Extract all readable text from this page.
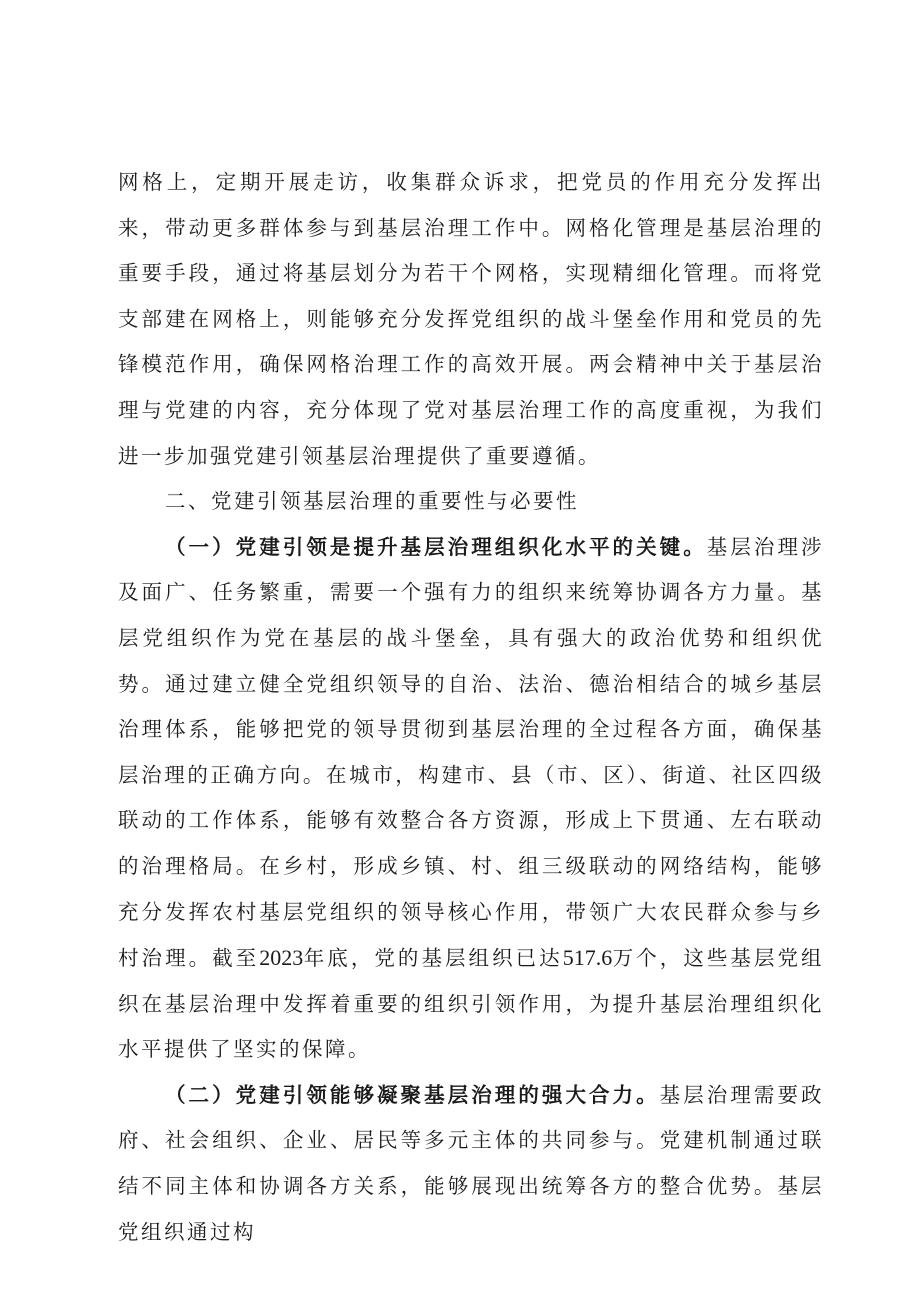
网格上，定期开展走访，收集群众诉求，把党员的作用充分发挥出来，带动更多群体参与到基层治理工作中。网格化管理是基层治理的重要手段，通过将基层划分为若干个网格，实现精细化管理。而将党支部建在网格上，则能够充分发挥党组织的战斗堡垒作用和党员的先锋模范作用，确保网格治理工作的高效开展。两会精神中关于基层治理与党建的内容，充分体现了党对基层治理工作的高度重视，为我们进一步加强党建引领基层治理提供了重要遵循。

二、党建引领基层治理的重要性与必要性

（一）党建引领是提升基层治理组织化水平的关键。基层治理涉及面广、任务繁重，需要一个强有力的组织来统筹协调各方力量。基层党组织作为党在基层的战斗堡垒，具有强大的政治优势和组织优势。通过建立健全党组织领导的自治、法治、德治相结合的城乡基层治理体系，能够把党的领导贯彻到基层治理的全过程各方面，确保基层治理的正确方向。在城市，构建市、县（市、区）、街道、社区四级联动的工作体系，能够有效整合各方资源，形成上下贯通、左右联动的治理格局。在乡村，形成乡镇、村、组三级联动的网络结构，能够充分发挥农村基层党组织的领导核心作用，带领广大农民群众参与乡村治理。截至2023年底，党的基层组织已达517.6万个，这些基层党组织在基层治理中发挥着重要的组织引领作用，为提升基层治理组织化水平提供了坚实的保障。

（二）党建引领能够凝聚基层治理的强大合力。基层治理需要政府、社会组织、企业、居民等多元主体的共同参与。党建机制通过联结不同主体和协调各方关系，能够展现出统筹各方的整合优势。基层党组织通过构
